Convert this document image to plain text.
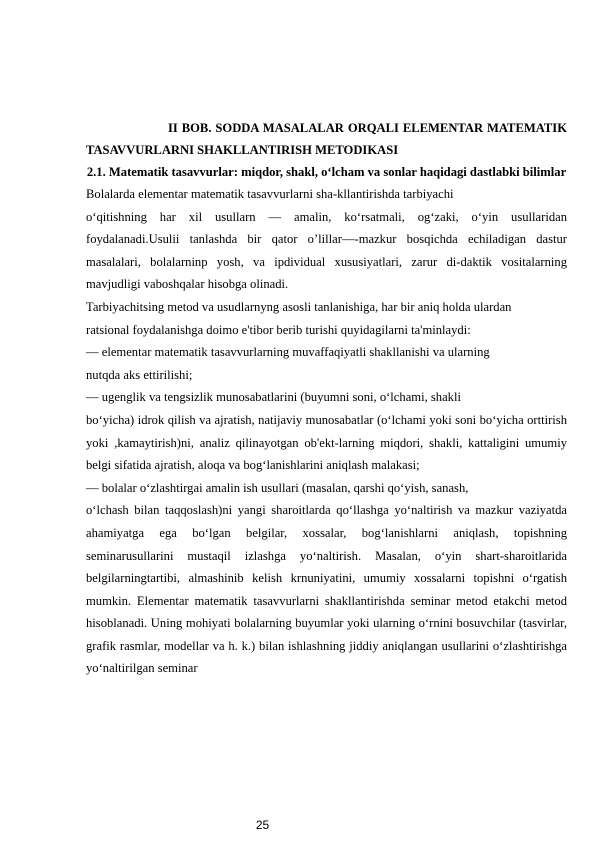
II BOB. SODDA MASALALAR ORQALI ELEMENTAR MATEMATIK TASAVVURLARNI SHAKLLANTIRISH METODIKASI

2.1. Matematik tasavvurlar: miqdor, shakl, o‘lcham va sonlar haqidagi dastlabki bilimlar

Bolalarda elementar matematik tasavvurlarni sha-kllantirishda tarbiyachi

o‘qitishning har xil usullarn — amalin, ko‘rsatmali, og‘zaki, o‘yin usullaridan foydalanadi.Usulii tanlashda bir qator o’lillar—-mazkur bosqichda echiladigan dastur masalalari, bolalarninp yosh, va ipdividual xususiyatlari, zarur di-daktik vositalarning mavjudligi vaboshqalar hisobga olinadi.

Tarbiyachitsing metod va usudlarnyng asosli tanlanishiga, har bir aniq holda ulardan

ratsional foydalanishga doimo e'tibor berib turishi quyidagilarni ta'minlaydi:

— elementar matematik tasavvurlarning muvaffaqiyatli shakllanishi va ularning

nutqda aks ettirilishi;

— ugenglik va tengsizlik munosabatlarini (buyumni soni, o‘lchami, shakli

bo‘yicha) idrok qilish va ajratish, natijaviy munosabatlar (o‘lchami yoki soni bo‘yicha orttirish yoki ,kamaytirish)ni, analiz qilinayotgan ob'ekt-larning miqdori, shakli, kattaligini umumiy belgi sifatida ajratish, aloqa va bog‘lanishlarini aniqlash malakasi;

— bolalar o‘zlashtirgai amalin ish usullari (masalan, qarshi qo‘yish, sanash,

o‘lchash bilan taqqoslash)ni yangi sharoitlarda qo‘llashga yo‘naltirish va mazkur vaziyatda ahamiyatga ega bo‘lgan belgilar, xossalar, bog‘lanishlarni aniqlash, topishning seminarusullarini mustaqil izlashga yo‘naltirish. Masalan, o‘yin shart-sharoitlarida belgilarningtartibi, almashinib kelish krnuniyatini, umumiy xossalarni topishni o‘rgatish mumkin. Elementar matematik tasavvurlarni shakllantirishda seminar metod etakchi metod hisoblanadi. Uning mohiyati bolalarning buyumlar yoki ularning o‘rnini bosuvchilar (tasvirlar, grafik rasmlar, modellar va h. k.) bilan ishlashning jiddiy aniqlangan usullarini o‘zlashtirishga yo‘naltirilgan seminar

25
